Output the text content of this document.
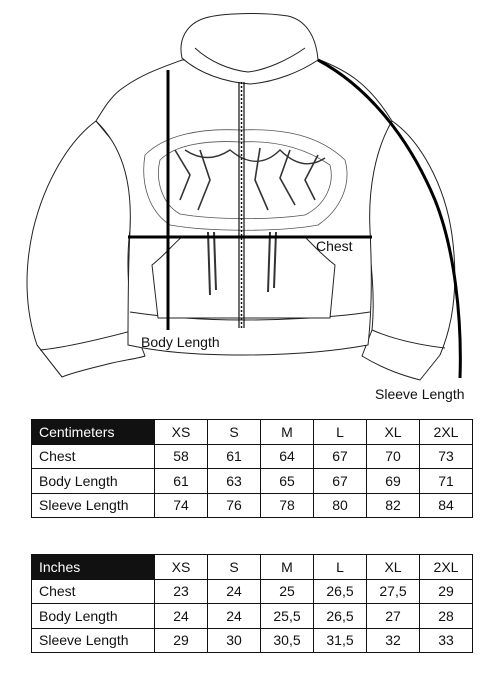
Chest
Body Length
Sleeve Length
Centimeters	XS	S	M	L	XL	2XL
Chest	58	61	64	67	70	73
Body Length	61	63	65	67	69	71
Sleeve Length	74	76	78	80	82	84
Inches	XS	S	M	L	XL	2XL
Chest	23	24	25	26,5	27,5	29
Body Length	24	24	25,5	26,5	27	28
Sleeve Length	29	30	30,5	31,5	32	33
